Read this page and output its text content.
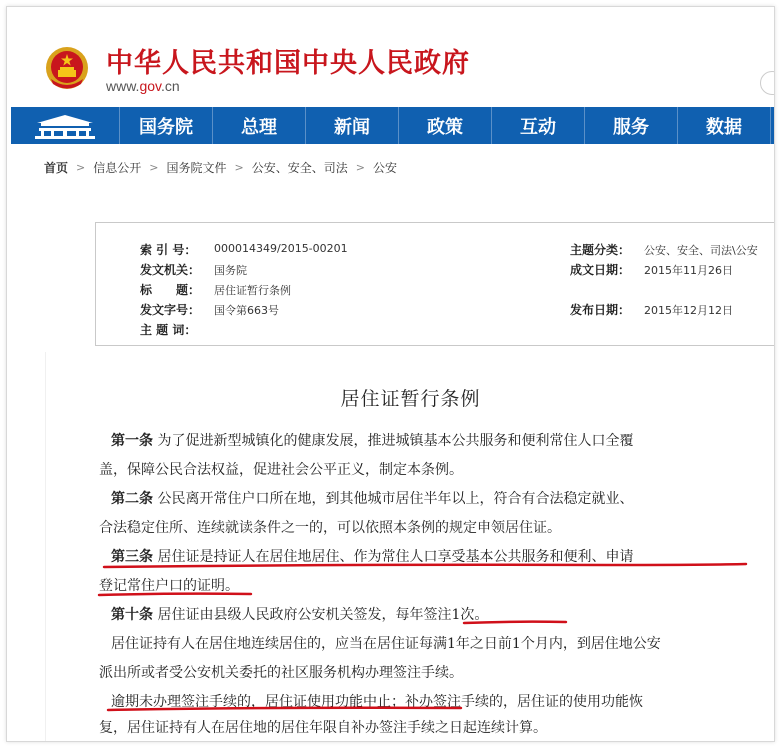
中华人民共和国中央人民政府
www.gov.cn
国务院	总理	新闻	政策	互动	服务	数据
首页 > 信息公开 > 国务院文件 > 公安、安全、司法 > 公安
索 引 号： 000014349/2015-00201	主题分类： 公安、安全、司法\公安
发文机关： 国务院	成文日期： 2015年11月26日
标　　题： 居住证暂行条例
发文字号： 国令第663号	发布日期： 2015年12月12日
主 题 词：
居住证暂行条例
第一条 为了促进新型城镇化的健康发展，推进城镇基本公共服务和便利常住人口全覆
盖，保障公民合法权益，促进社会公平正义，制定本条例。
第二条 公民离开常住户口所在地，到其他城市居住半年以上，符合有合法稳定就业、
合法稳定住所、连续就读条件之一的，可以依照本条例的规定申领居住证。
第三条 居住证是持证人在居住地居住、作为常住人口享受基本公共服务和便利、申请
登记常住户口的证明。
第十条 居住证由县级人民政府公安机关签发，每年签注1次。
居住证持有人在居住地连续居住的，应当在居住证每满1年之日前1个月内，到居住地公安
派出所或者受公安机关委托的社区服务机构办理签注手续。
逾期未办理签注手续的，居住证使用功能中止；补办签注手续的，居住证的使用功能恢
复，居住证持有人在居住地的居住年限自补办签注手续之日起连续计算。
